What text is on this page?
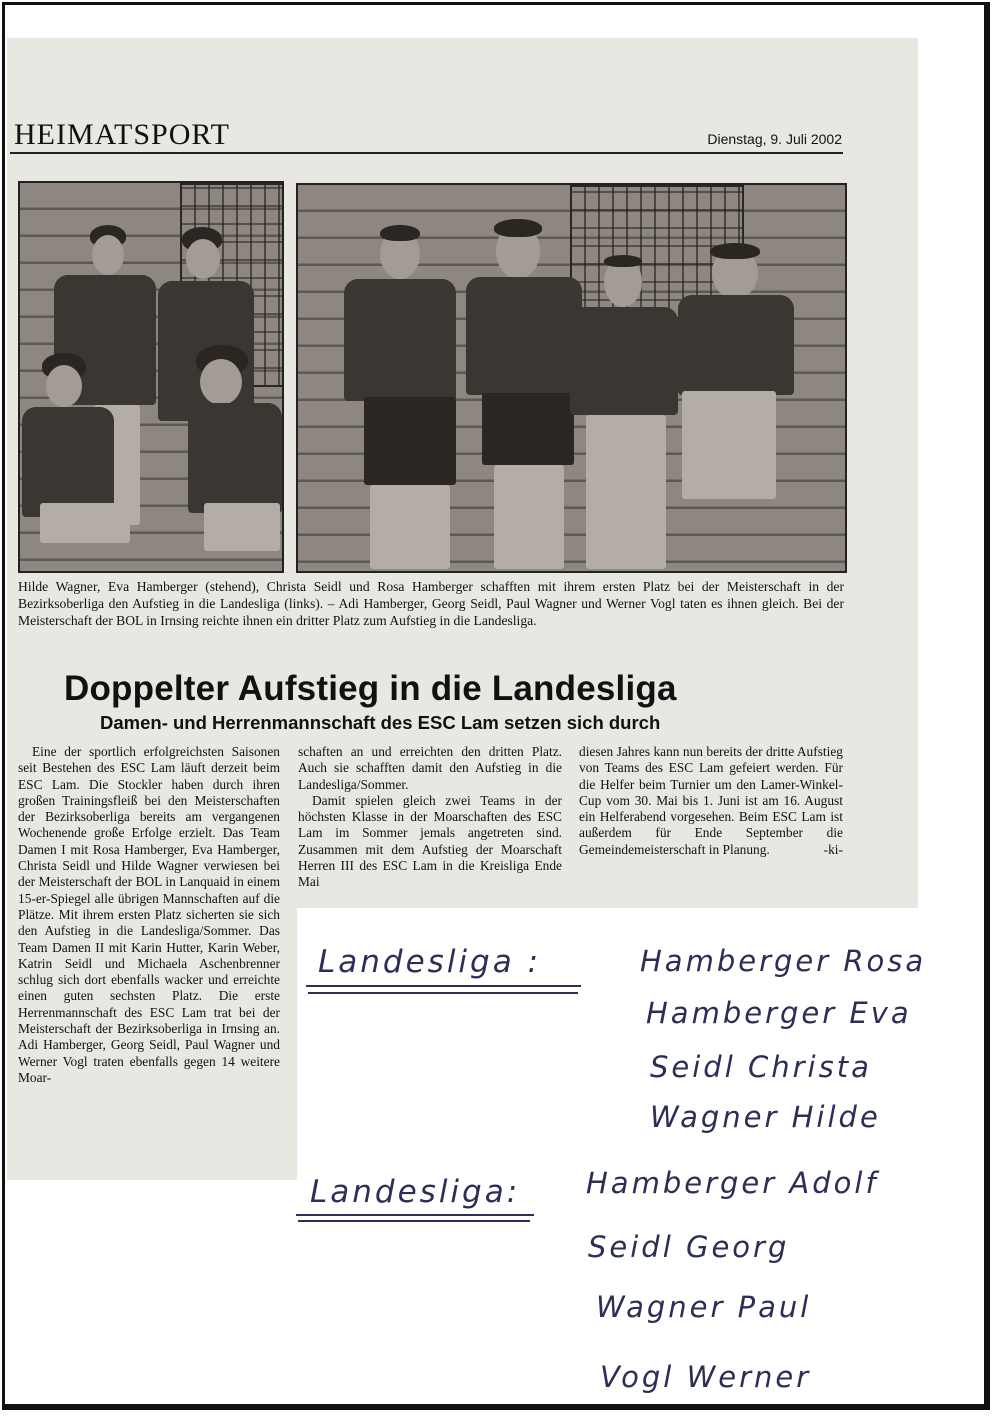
HEIMATSPORT	Dienstag, 9. Juli 2002
Hilde Wagner, Eva Hamberger (stehend), Christa Seidl und Rosa Hamberger schafften mit ihrem ersten Platz bei der Meisterschaft in der Bezirksoberliga den Aufstieg in die Landesliga (links). – Adi Hamberger, Georg Seidl, Paul Wagner und Werner Vogl taten es ihnen gleich. Bei der Meisterschaft der BOL in Irnsing reichte ihnen ein dritter Platz zum Aufstieg in die Landesliga.
Doppelter Aufstieg in die Landesliga
Damen- und Herrenmannschaft des ESC Lam setzen sich durch
Eine der sportlich erfolgreichsten Saisonen seit Bestehen des ESC Lam läuft derzeit beim ESC Lam. Die Stockler haben durch ihren großen Trainingsfleiß bei den Meisterschaften der Bezirksoberliga bereits am vergangenen Wochenende große Erfolge erzielt. Das Team Damen I mit Rosa Hamberger, Eva Hamberger, Christa Seidl und Hilde Wagner verwiesen bei der Meisterschaft der BOL in Lanquaid in einem 15-er-Spiegel alle übrigen Mannschaften auf die Plätze. Mit ihrem ersten Platz sicherten sie sich den Aufstieg in die Landesliga/Sommer. Das Team Damen II mit Karin Hutter, Karin Weber, Katrin Seidl und Michaela Aschenbrenner schlug sich dort ebenfalls wacker und erreichte einen guten sechsten Platz. Die erste Herrenmannschaft des ESC Lam trat bei der Meisterschaft der Bezirksoberliga in Irnsing an. Adi Hamberger, Georg Seidl, Paul Wagner und Werner Vogl traten ebenfalls gegen 14 weitere Moar-
schaften an und erreichten den dritten Platz. Auch sie schafften damit den Aufstieg in die Landesliga/Sommer.
Damit spielen gleich zwei Teams in der höchsten Klasse in der Moarschaften des ESC Lam im Sommer jemals angetreten sind. Zusammen mit dem Aufstieg der Moarschaft Herren III des ESC Lam in die Kreisliga Ende Mai
diesen Jahres kann nun bereits der dritte Aufstieg von Teams des ESC Lam gefeiert werden. Für die Helfer beim Turnier um den Lamer-Winkel-Cup vom 30. Mai bis 1. Juni ist am 16. August ein Helferabend vorgesehen. Beim ESC Lam ist außerdem für Ende September die Gemeindemeisterschaft in Planung.	-ki-
Landesliga :	Hamberger Rosa
Hamberger Eva
Seidl Christa
Wagner Hilde
Landesliga: Hamberger Adolf
Seidl Georg
Wagner Paul
Vogl Werner
